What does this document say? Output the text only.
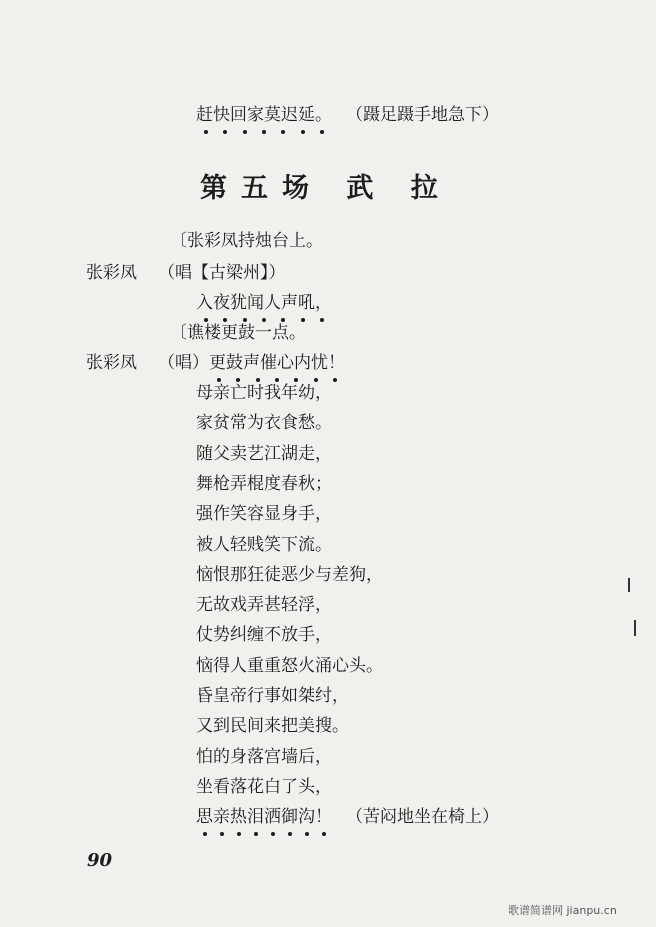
赶快回家莫迟延。 （蹑足蹑手地急下）
第五场 武 拉
〔张彩凤持烛台上。
张彩凤 （唱【古梁州】）
入夜犹闻人声吼，
〔谯楼更鼓一点。
张彩凤 （唱）更鼓声催心内忧！
母亲亡时我年幼，
家贫常为衣食愁。
随父卖艺江湖走，
舞枪弄棍度春秋；
强作笑容显身手，
被人轻贱笑下流。
恼恨那狂徒恶少与差狗，
无故戏弄甚轻浮，
仗势纠缠不放手，
恼得人重重怒火涌心头。
昏皇帝行事如桀纣，
又到民间来把美搜。
怕的身落宫墙后，
坐看落花白了头，
思亲热泪洒御沟！ （苦闷地坐在椅上）
90
歌谱简谱网 jianpu.cn
